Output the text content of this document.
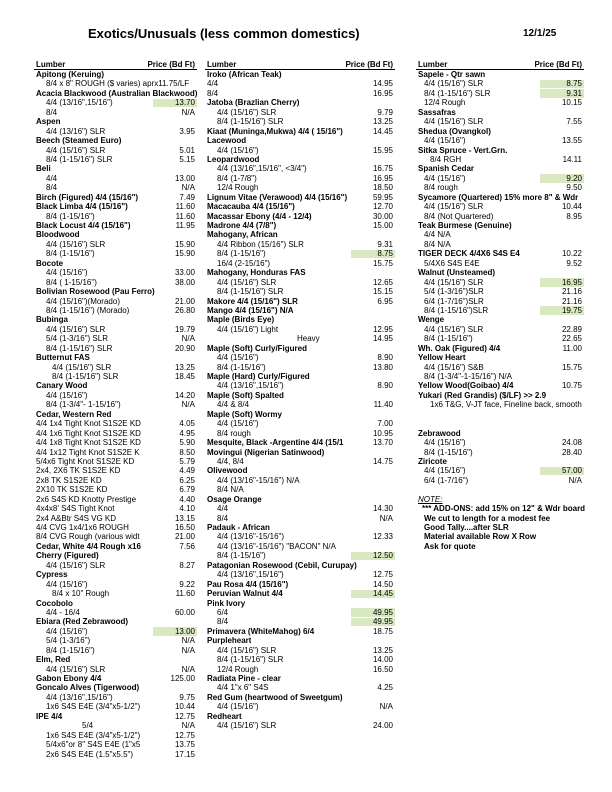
Exotics/Unusuals (less common domestics)	12/1/25
Lumber	Price (Bd Ft)
Apitong (Keruing)
8/4 x 8" ROUGH ($ varies) aprx11.75/LF
Acacia Blackwood (Australian Blackwood)
4/4 (13/16",15/16")	13.70
8/4	N/A
Aspen
4/4 (13/16") SLR	3.95
Beech (Steamed Euro)
4/4 (15/16") SLR	5.01
8/4 (1-15/16") SLR	5.15
Beli
4/4	13.00
8/4	N/A
Birch (Figured) 4/4 (15/16")	7.49
Black Limba 4/4 (15/16")	11.60
8/4 (1-15/16")	11.60
Black Locust 4/4 (15/16")	11.95
Bloodwood
4/4 (15/16") SLR	15.90
8/4 (1-15/16")	15.90
Bocote
4/4 (15/16")	33.00
8/4 ( 1-15/16")	38.00
Bolivian Rosewood (Pau Ferro)
4/4 (15/16")(Morado)	21.00
8/4 (1-15/16") (Morado)	26.80
Bubinga
4/4 (15/16") SLR	19.79
5/4 (1-3/16") SLR	N/A
8/4 (1-15/16") SLR	20.90
Butternut FAS
4/4 (15/16") SLR	13.25
8/4 (1-15/16") SLR	18.45
Canary Wood
4/4 (15/16")	14.20
8/4 (1-3/4"- 1-15/16")	N/A
Cedar, Western Red
4/4 1x4 Tight Knot S1S2E KD	4.05
4/4 1x6 Tight Knot S1S2E KD	4.95
4/4 1x8 Tight Knot S1S2E KD	5.90
4/4 1x12 Tight Knot S1S2E K	8.50
5/4x6 Tight Knot S1S2E KD	5.79
2x4, 2X6 TK S1S2E KD	4.49
2x8 TK S1S2E KD	6.25
2X10 TK S1S2E KD	6.79
2x6 S4S KD Knotty Prestige	4.40
4x4x8' S4S Tight Knot	4.10
2x4 A&Btr S4S VG KD	13.15
4/4 CVG 1x4/1x6 ROUGH	16.50
8/4 CVG Rough (various widt	21.00
Cedar, White 4/4 Rough x16	7.56
Cherry (Figured)
4/4 (15/16") SLR	8.27
Cypress
4/4 (15/16")	9.22
8/4 x 10" Rough	11.60
Cocobolo
4/4 - 16/4	60.00
Ebiara (Red Zebrawood)
4/4 (15/16")	13.00
5/4 (1-3/16")	N/A
8/4 (1-15/16")	N/A
Elm, Red
4/4 (15/16") SLR	N/A
Gabon Ebony 4/4	125.00
Goncalo Alves (Tigerwood)
4/4 (13/16",15/16")	9.75
1x6 S4S E4E (3/4"x5-1/2")	10.44
IPE 4/4	12.75
5/4	N/A
1x6 S4S E4E (3/4"x5-1/2")	12.75
5/4x6"or 8" S4S E4E (1"x5	13.75
2x6 S4S E4E (1.5"x5.5")	17.15
Lumber	Price (Bd Ft)
Iroko (African Teak)
4/4	14.95
8/4	16.95
Jatoba (Brazlian Cherry)
4/4 (15/16") SLR	9.79
8/4 (1-15/16") SLR	13.25
Kiaat (Muninga,Mukwa) 4/4 ( 15/16")	14.45
Lacewood
4/4 (15/16")	15.95
Leopardwood
4/4 (13/16",15/16", <3/4")	16.75
8/4 (1-7/8")	16.95
12/4 Rough	18.50
Lignum Vitae (Verawood) 4/4 (15/16")	59.95
Macacauba 4/4 (15/16")	12.70
Macassar Ebony (4/4 - 12/4)	30.00
Madrone 4/4 (7/8")	15.00
Mahogany, African
4/4 Ribbon (15/16") SLR	9.31
8/4 (1-15/16")	8.75
16/4 (2-15/16")	15.75
Mahogany, Honduras FAS
4/4 (15/16") SLR	12.65
8/4 (1-15/16") SLR	15.15
Makore 4/4 (15/16") SLR	6.95
Mango 4/4 (15/16") N/A
Maple (Birds Eye)
4/4 (15/16") Light	12.95
Heavy	14.95
Maple (Soft) Curly/Figured
4/4 (15/16")	8.90
8/4 (1-15/16")	13.80
Maple (Hard) Curly/Figured
4/4 (13/16",15/16")	8.90
Maple (Soft) Spalted
4/4 & 8/4	11.40
Maple (Soft) Wormy
4/4 (15/16")	7.00
8/4 rough	10.95
Mesquite, Black -Argentine 4/4 (15/1	13.70
Movingui (Nigerian Satinwood)
4/4, 8/4	14.75
Olivewood
4/4 (13/16"-15/16") N/A
8/4 N/A
Osage Orange
4/4	14.30
8/4	N/A
Padauk - African
4/4 (13/16"-15/16")	12.33
4/4 (13/16"-15/16") "BACON" N/A
8/4 (1-15/16")	12.50
Patagonian Rosewood (Cebil, Curupay)
4/4 (13/16",15/16")	12.75
Pau Rosa 4/4 (15/16")	14.50
Peruvian Walnut 4/4	14.45
Pink Ivory
6/4	49.95
8/4	49.95
Primavera (WhiteMahog) 6/4	18.75
Purpleheart
4/4 (15/16") SLR	13.25
8/4 (1-15/16") SLR	14.00
12/4 Rough	16.50
Radiata Pine - clear
4/4 1"x 6" S4S	4.25
Red Gum (heartwood of Sweetgum)
4/4 (15/16")	N/A
Redheart
4/4 (15/16") SLR	24.00
Lumber	Price (Bd Ft)
Sapele - Qtr sawn
4/4 (15/16") SLR	8.75
8/4 (1-15/16") SLR	9.31
12/4 Rough	10.15
Sassafras
4/4 (15/16") SLR	7.55
Shedua (Ovangkol)
4/4 (15/16")	13.55
Sitka Spruce - Vert.Grn.
8/4 RGH	14.11
Spanish Cedar
4/4 (15/16")	9.20
8/4 rough	9.50
Sycamore (Quartered) 15% more 8" & Wdr
4/4 (15/16") SLR	10.44
8/4 (Not Quartered)	8.95
Teak Burmese (Genuine)
4/4 N/A
8/4 N/A
TIGER DECK 4/4X6 S4S E4	10.22
5/4X6 S4S E4E	9.52
Walnut (Unsteamed)
4/4 (15/16") SLR	16.95
5/4 (1-3/16")SLR	21.16
6/4 (1-7/16")SLR	21.16
8/4 (1-15/16")SLR	19.75
Wenge
4/4 (15/16") SLR	22.89
8/4 (1-15/16")	22.65
Wh. Oak (Figured) 4/4	11.00
Yellow Heart
4/4 (15/16") S&B	15.75
8/4 (1-3/4"-1-15/16") N/A
Yellow Wood(Goibao) 4/4	10.75
Yukari (Red Grandis) ($/LF) >> 2.9
1x6 T&G, V-JT face, Fineline back, smooth
Zebrawood
4/4 (15/16")	24.08
8/4 (1-15/16")	28.40
Ziricote
4/4 (15/16")	57.00
6/4 (1-7/16")	N/A
NOTE:
*** ADD-ONS: add 15% on 12" & Wdr board
We cut to length for a modest fee
Good Tally....after SLR
Material available Row X Row
Ask for quote
